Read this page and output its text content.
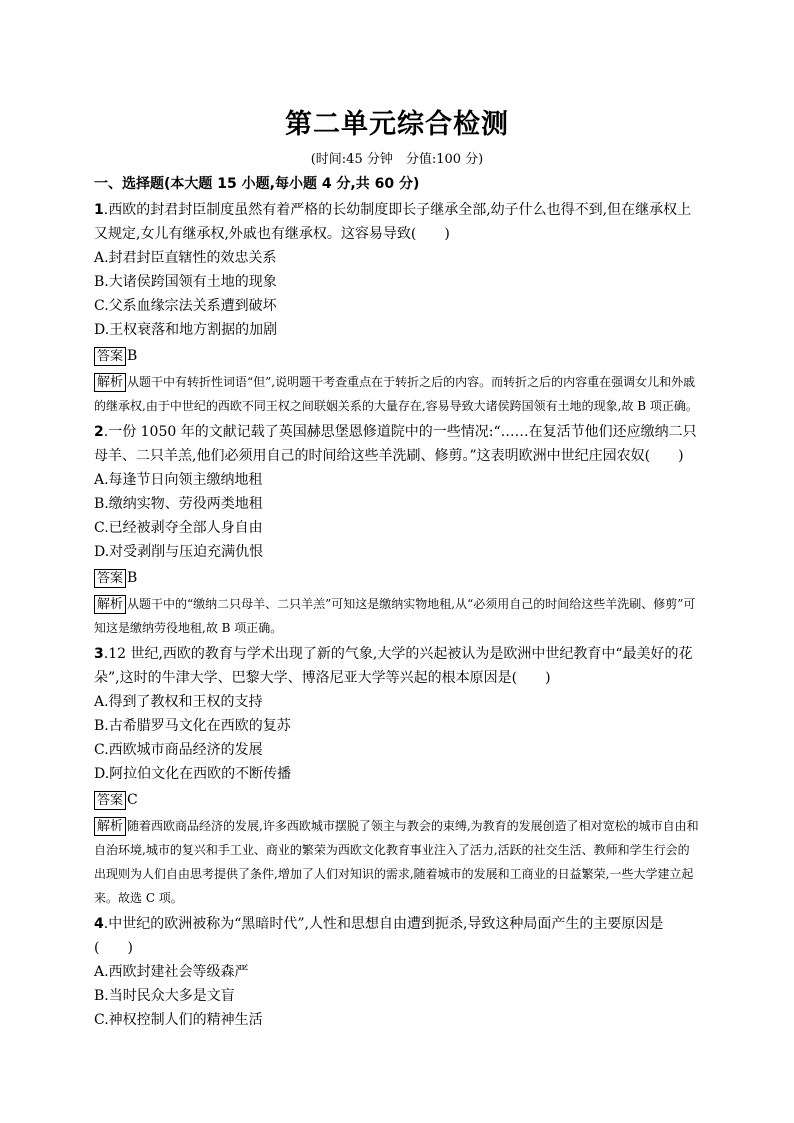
第二单元综合检测
(时间:45 分钟　分值:100 分)
一、选择题(本大题 15 小题,每小题 4 分,共 60 分)
1.西欧的封君封臣制度虽然有着严格的长幼制度即长子继承全部,幼子什么也得不到,但在继承权上又规定,女儿有继承权,外戚也有继承权。这容易导致(　　)
A.封君封臣直辖性的效忠关系
B.大诸侯跨国领有土地的现象
C.父系血缘宗法关系遭到破坏
D.王权衰落和地方割据的加剧
答案 B
解析 从题干中有转折性词语“但”,说明题干考查重点在于转折之后的内容。而转折之后的内容重在强调女儿和外戚的继承权,由于中世纪的西欧不同王权之间联姻关系的大量存在,容易导致大诸侯跨国领有土地的现象,故 B 项正确。
2.一份 1050 年的文献记载了英国赫思堡恩修道院中的一些情况:“……在复活节他们还应缴纳二只母羊、二只羊羔,他们必须用自己的时间给这些羊洗刷、修剪。”这表明欧洲中世纪庄园农奴(　　)
A.每逢节日向领主缴纳地租
B.缴纳实物、劳役两类地租
C.已经被剥夺全部人身自由
D.对受剥削与压迫充满仇恨
答案 B
解析 从题干中的“缴纳二只母羊、二只羊羔”可知这是缴纳实物地租,从“必须用自己的时间给这些羊洗刷、修剪”可知这是缴纳劳役地租,故 B 项正确。
3.12 世纪,西欧的教育与学术出现了新的气象,大学的兴起被认为是欧洲中世纪教育中“最美好的花朵”,这时的牛津大学、巴黎大学、博洛尼亚大学等兴起的根本原因是(　　)
A.得到了教权和王权的支持
B.古希腊罗马文化在西欧的复苏
C.西欧城市商品经济的发展
D.阿拉伯文化在西欧的不断传播
答案 C
解析 随着西欧商品经济的发展,许多西欧城市摆脱了领主与教会的束缚,为教育的发展创造了相对宽松的城市自由和自治环境,城市的复兴和手工业、商业的繁荣为西欧文化教育事业注入了活力,活跃的社交生活、教师和学生行会的出现则为人们自由思考提供了条件,增加了人们对知识的需求,随着城市的发展和工商业的日益繁荣,一些大学建立起来。故选 C 项。
4.中世纪的欧洲被称为“黑暗时代”,人性和思想自由遭到扼杀,导致这种局面产生的主要原因是(　　)
A.西欧封建社会等级森严
B.当时民众大多是文盲
C.神权控制人们的精神生活
